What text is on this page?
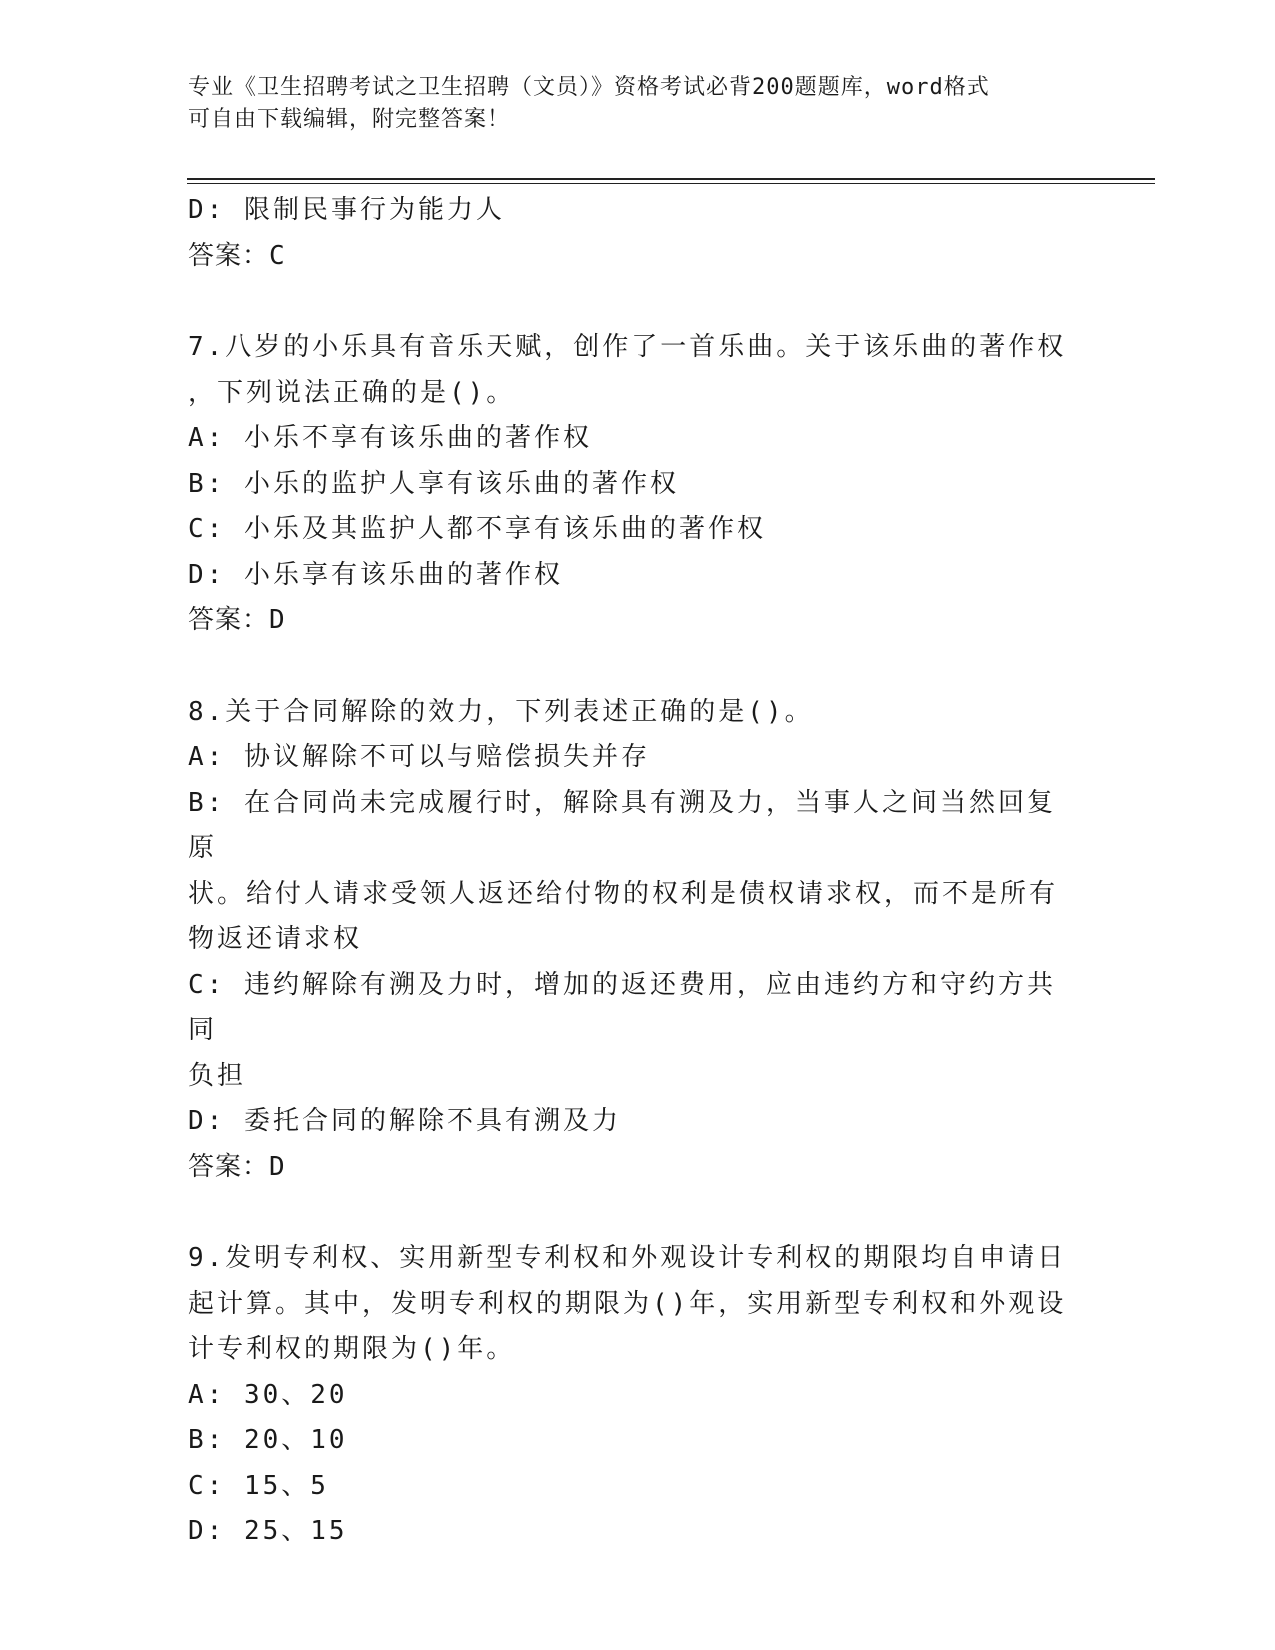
专业《卫生招聘考试之卫生招聘（文员）》资格考试必背200题题库，word格式
可自由下载编辑，附完整答案！

D: 限制民事行为能力人

答案：C

7.八岁的小乐具有音乐天赋，创作了一首乐曲。关于该乐曲的著作权

，下列说法正确的是()。

A: 小乐不享有该乐曲的著作权

B: 小乐的监护人享有该乐曲的著作权

C: 小乐及其监护人都不享有该乐曲的著作权

D: 小乐享有该乐曲的著作权

答案：D

8.关于合同解除的效力，下列表述正确的是()。

A: 协议解除不可以与赔偿损失并存

B: 在合同尚未完成履行时，解除具有溯及力，当事人之间当然回复原

状。给付人请求受领人返还给付物的权利是债权请求权，而不是所有

物返还请求权

C: 违约解除有溯及力时，增加的返还费用，应由违约方和守约方共同

负担

D: 委托合同的解除不具有溯及力

答案：D

9.发明专利权、实用新型专利权和外观设计专利权的期限均自申请日

起计算。其中，发明专利权的期限为()年，实用新型专利权和外观设

计专利权的期限为()年。

A: 30、20

B: 20、10

C: 15、5

D: 25、15
